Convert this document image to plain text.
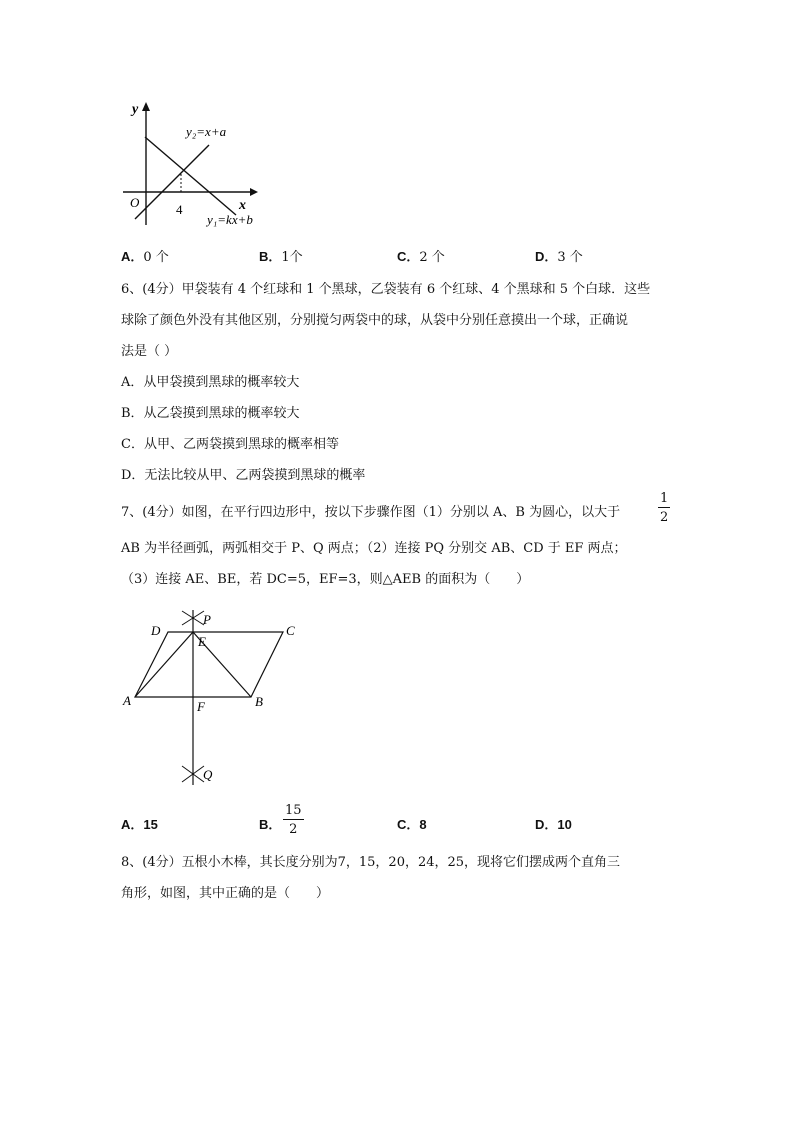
y
x
O	4
y₂=x+a
y₁=kx+b
A．0 个	B．1个	C．2 个	D．3 个
6、(4分）甲袋装有 4 个红球和 1 个黑球，乙袋装有 6 个红球、4 个黑球和 5 个白球．这些
球除了颜色外没有其他区别，分别搅匀两袋中的球，从袋中分别任意摸出一个球，正确说
法是（ ）
A．从甲袋摸到黑球的概率较大
B．从乙袋摸到黑球的概率较大
C．从甲、乙两袋摸到黑球的概率相等
D．无法比较从甲、乙两袋摸到黑球的概率
7、(4分）如图，在平行四边形中，按以下步骤作图（1）分别以 A、B 为圆心，以大于
1
2
AB 为半径画弧，两弧相交于 P、Q 两点；（2）连接 PQ 分别交 AB、CD 于 EF 两点；
（3）连接 AE、BE，若 DC=5，EF=3，则△AEB 的面积为（　　）
D	C
A	B
P
E
F
Q
A．15	B．
15
2	C．8	D．10
8、(4分）五根小木棒，其长度分别为7，15，20，24，25，现将它们摆成两个直角三
角形，如图，其中正确的是（　　）
